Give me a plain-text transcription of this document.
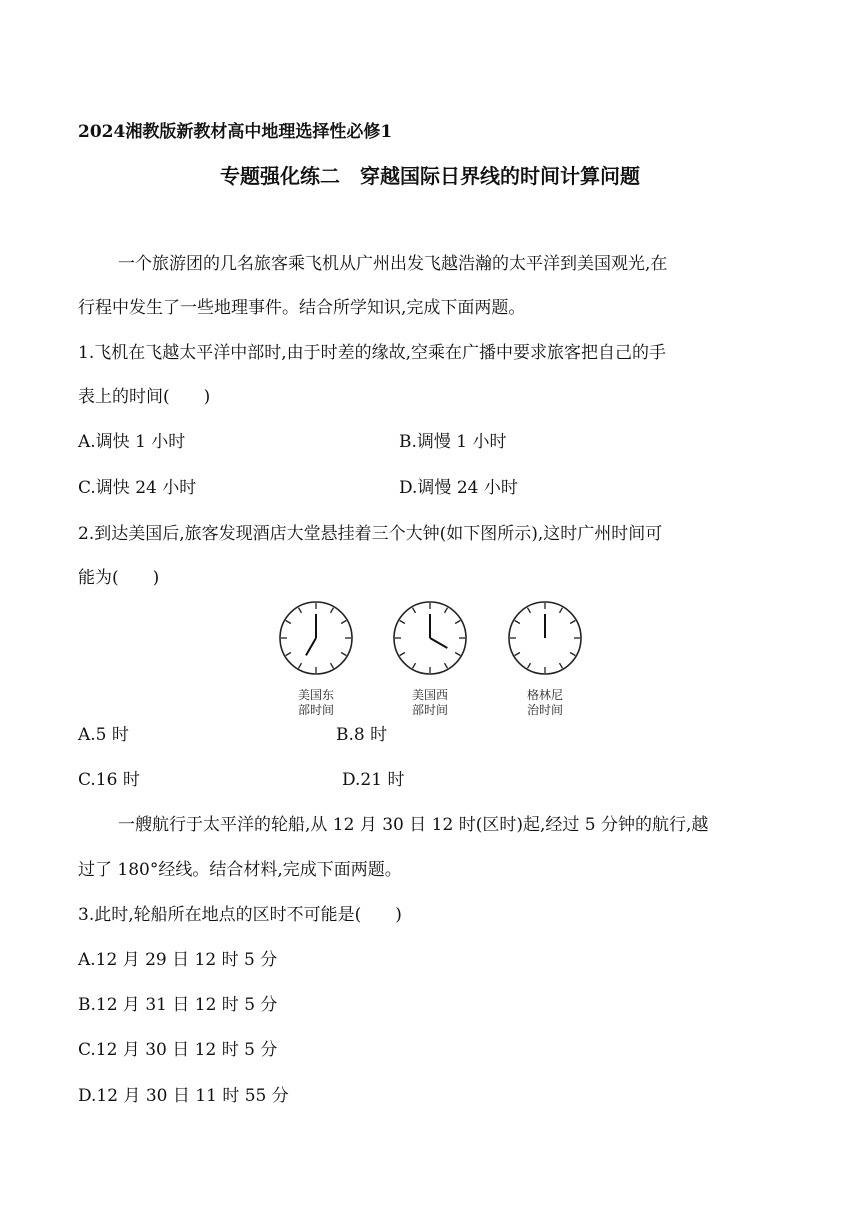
2024湘教版新教材高中地理选择性必修1
专题强化练二　穿越国际日界线的时间计算问题
一个旅游团的几名旅客乘飞机从广州出发飞越浩瀚的太平洋到美国观光,在
行程中发生了一些地理事件。结合所学知识,完成下面两题。
1.飞机在飞越太平洋中部时,由于时差的缘故,空乘在广播中要求旅客把自己的手
表上的时间(　　)
A.调快 1 小时	B.调慢 1 小时
C.调快 24 小时	D.调慢 24 小时
2.到达美国后,旅客发现酒店大堂悬挂着三个大钟(如下图所示),这时广州时间可
能为(　　)
美国东
部时间
美国西
部时间
格林尼
治时间
A.5 时	B.8 时
C.16 时	D.21 时
一艘航行于太平洋的轮船,从 12 月 30 日 12 时(区时)起,经过 5 分钟的航行,越
过了 180°经线。结合材料,完成下面两题。
3.此时,轮船所在地点的区时不可能是(　　)
A.12 月 29 日 12 时 5 分
B.12 月 31 日 12 时 5 分
C.12 月 30 日 12 时 5 分
D.12 月 30 日 11 时 55 分
